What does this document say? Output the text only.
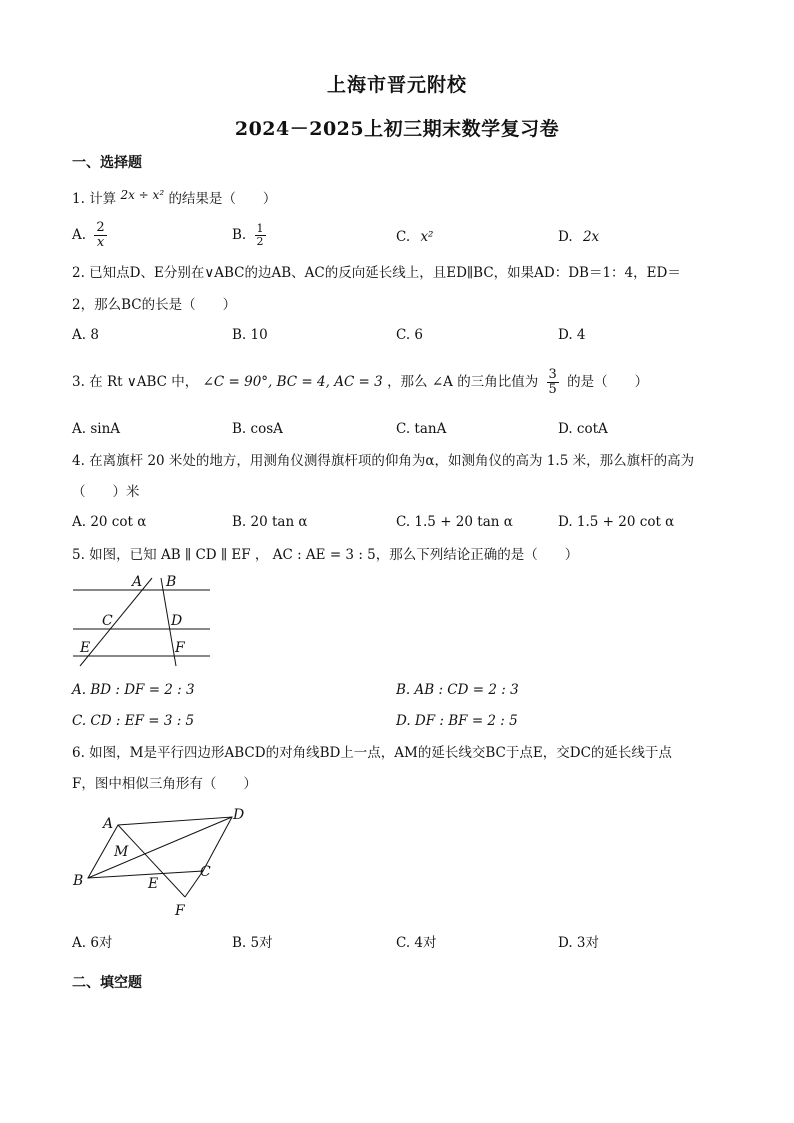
上海市晋元附校
2024－2025上初三期末数学复习卷
一、选择题
1. 计算 2x ÷ x² 的结果是（　　）
A. $\frac{2}{x}$	B. $\frac{1}{2}$	C. x²	D. 2x
2. 已知点D、E分别在∨ABC的边AB、AC的反向延长线上，且ED∥BC，如果AD：DB＝1：4，ED＝
2，那么BC的长是（　　）
A. 8	B. 10	C. 6	D. 4
3. 在 Rt ∨ABC 中， ∠C = 90°, BC = 4, AC = 3 ，那么 ∠A 的三角比值为 $\frac{3}{5}$ 的是（　　）
A. sinA	B. cosA	C. tanA	D. cotA
4. 在离旗杆 20 米处的地方，用测角仪测得旗杆项的仰角为α，如测角仪的高为 1.5 米，那么旗杆的高为
（　　）米
A. 20 cot α	B. 20 tan α	C. 1.5 + 20 tan α	D. 1.5 + 20 cot α
5. 如图，已知 AB ∥ CD ∥ EF ， AC : AE = 3 : 5，那么下列结论正确的是（　　）
A B
C	D
E	F
A. BD : DF = 2 : 3	B. AB : CD = 2 : 3
C. CD : EF = 3 : 5	D. DF : BF = 2 : 5
6. 如图，M是平行四边形ABCD的对角线BD上一点，AM的延长线交BC于点E，交DC的延长线于点
F，图中相似三角形有（　　）
A
D
M
B	E
C
F
A. 6对	B. 5对	C. 4对	D. 3对
二、填空题
